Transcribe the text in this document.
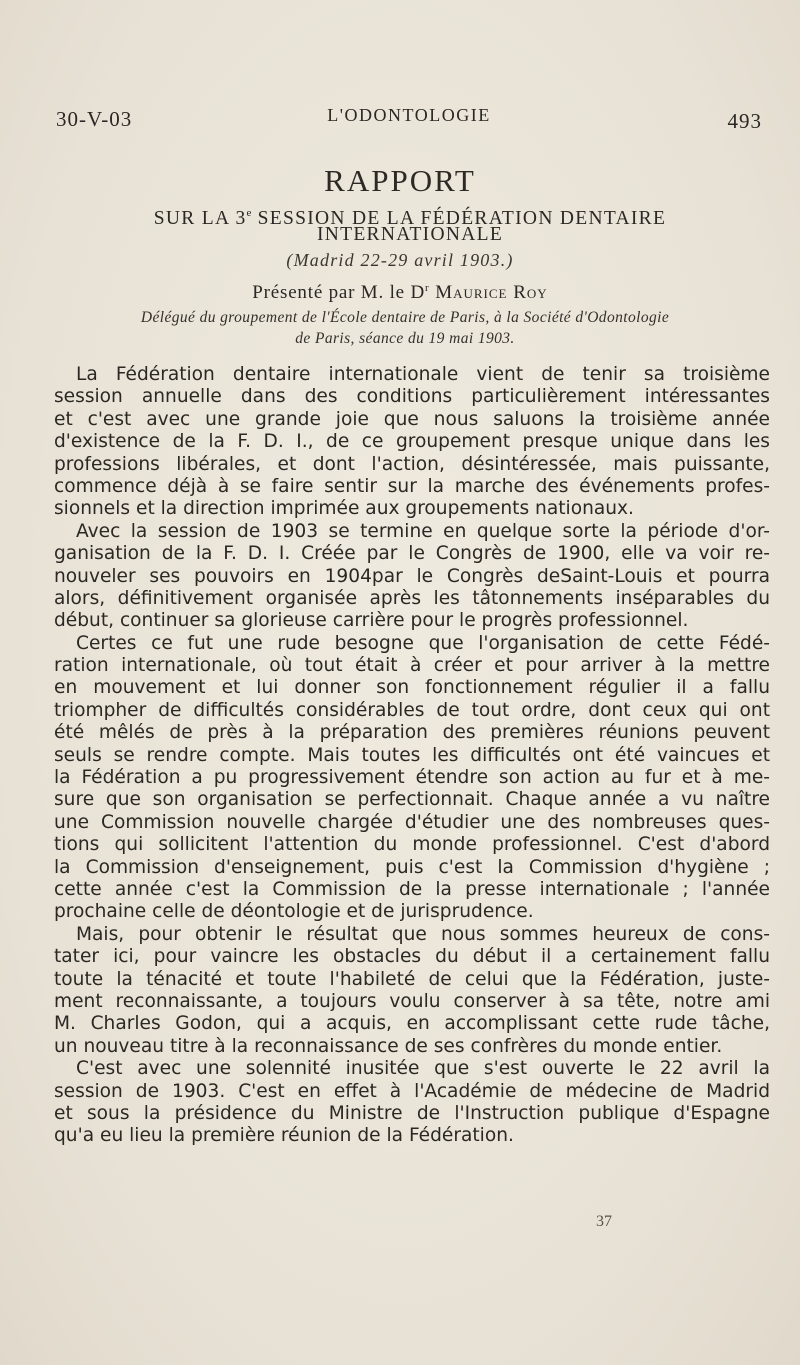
30-V-03	L'ODONTOLOGIE	493
RAPPORT
SUR LA 3e SESSION DE LA FÉDÉRATION DENTAIRE
INTERNATIONALE
(Madrid 22-29 avril 1903.)
Présenté par M. le $D^r$ Maurice Roy
Délégué du groupement de l'École dentaire de Paris, à la Société d'Odontologie
de Paris, séance du 19 mai 1903.
La Fédération dentaire internationale vient de tenir sa troisième
session annuelle dans des conditions particulièrement intéressantes
et c'est avec une grande joie que nous saluons la troisième année
d'existence de la F. D. I., de ce groupement presque unique dans les
professions libérales, et dont l'action, désintéressée, mais puissante,
commence déjà à se faire sentir sur la marche des événements profes-
sionnels et la direction imprimée aux groupements nationaux.
Avec la session de 1903 se termine en quelque sorte la période d'or-
ganisation de la F. D. I. Créée par le Congrès de 1900, elle va voir re-
nouveler ses pouvoirs en 1904par le Congrès deSaint-Louis et pourra
alors, définitivement organisée après les tâtonnements inséparables du
début, continuer sa glorieuse carrière pour le progrès professionnel.
Certes ce fut une rude besogne que l'organisation de cette Fédé-
ration internationale, où tout était à créer et pour arriver à la mettre
en mouvement et lui donner son fonctionnement régulier il a fallu
triompher de difficultés considérables de tout ordre, dont ceux qui ont
été mêlés de près à la préparation des premières réunions peuvent
seuls se rendre compte. Mais toutes les difficultés ont été vaincues et
la Fédération a pu progressivement étendre son action au fur et à me-
sure que son organisation se perfectionnait. Chaque année a vu naître
une Commission nouvelle chargée d'étudier une des nombreuses ques-
tions qui sollicitent l'attention du monde professionnel. C'est d'abord
la Commission d'enseignement, puis c'est la Commission d'hygiène ;
cette année c'est la Commission de la presse internationale ; l'année
prochaine celle de déontologie et de jurisprudence.
Mais, pour obtenir le résultat que nous sommes heureux de cons-
tater ici, pour vaincre les obstacles du début il a certainement fallu
toute la ténacité et toute l'habileté de celui que la Fédération, juste-
ment reconnaissante, a toujours voulu conserver à sa tête, notre ami
M. Charles Godon, qui a acquis, en accomplissant cette rude tâche,
un nouveau titre à la reconnaissance de ses confrères du monde entier.
C'est avec une solennité inusitée que s'est ouverte le 22 avril la
session de 1903. C'est en effet à l'Académie de médecine de Madrid
et sous la présidence du Ministre de l'Instruction publique d'Espagne
qu'a eu lieu la première réunion de la Fédération.
37
